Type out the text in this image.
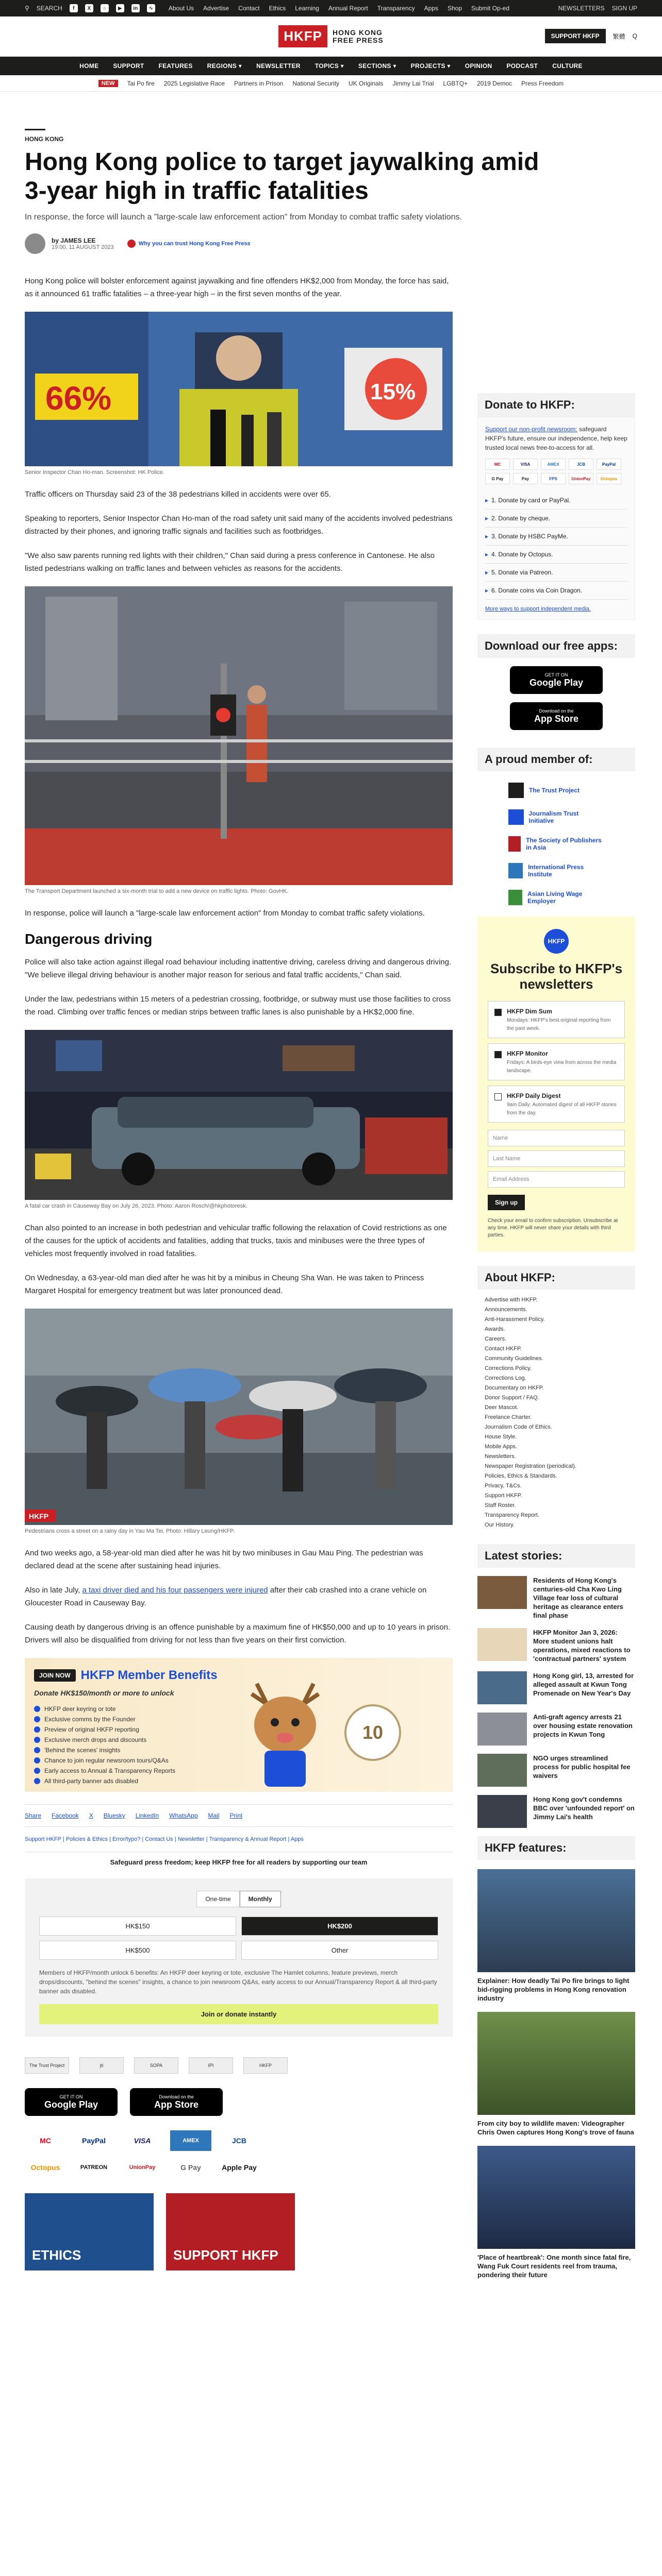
⚲ SEARCH	f	X	○	▶	in	∿	About Us Advertise Contact Ethics Learning Annual Report Transparency Apps Shop Submit Op-ed	NEWSLETTERS SIGN UP
HKFP	HONG KONG
FREE PRESS	SUPPORT HKFP	繁體 Q
HOME SUPPORT FEATURES REGIONS ▾ NEWSLETTER TOPICS ▾ SECTIONS ▾ PROJECTS ▾ OPINION PODCAST CULTURE
NEW	Tai Po fire 2025 Legislative Race Partners in Prison National Security UK Originals Jimmy Lai Trial LGBTQ+ 2019 Democ Press Freedom
HONG KONG
Hong Kong police to target jaywalking amid 3-year high in traffic fatalities
In response, the force will launch a "large-scale law enforcement action" from Monday to combat traffic safety violations.
by JAMES LEE
19:00, 11 AUGUST 2023
Why you can trust Hong Kong Free Press

Hong Kong police will bolster enforcement against jaywalking and fine offenders HK$2,000 from Monday, the force has said, as it announced 61 traffic fatalities – a three-year high – in the first seven months of the year.

66%	15%
Senior Inspector Chan Ho-man. Screenshot: HK Police.

Traffic officers on Thursday said 23 of the 38 pedestrians killed in accidents were over 65.

Speaking to reporters, Senior Inspector Chan Ho-man of the road safety unit said many of the accidents involved pedestrians distracted by their phones, and ignoring traffic signals and facilities such as footbridges.

"We also saw parents running red lights with their children," Chan said during a press conference in Cantonese. He also listed pedestrians walking on traffic lanes and between vehicles as reasons for the accidents.

The Transport Department launched a six-month trial to add a new device on traffic lights. Photo: GovHK.

In response, police will launch a "large-scale law enforcement action" from Monday to combat traffic safety violations.

Dangerous driving

Police will also take action against illegal road behaviour including inattentive driving, careless driving and dangerous driving. "We believe illegal driving behaviour is another major reason for serious and fatal traffic accidents," Chan said.

Under the law, pedestrians within 15 meters of a pedestrian crossing, footbridge, or subway must use those facilities to cross the road. Climbing over traffic fences or median strips between traffic lanes is also punishable by a HK$2,000 fine.

A fatal car crash in Causeway Bay on July 26, 2023. Photo: Aaron Rosch/@hkphotoresk.

Chan also pointed to an increase in both pedestrian and vehicular traffic following the relaxation of Covid restrictions as one of the causes for the uptick of accidents and fatalities, adding that trucks, taxis and minibuses were the three types of vehicles most frequently involved in road fatalities.

On Wednesday, a 63-year-old man died after he was hit by a minibus in Cheung Sha Wan. He was taken to Princess Margaret Hospital for emergency treatment but was later pronounced dead.

HKFP
Pedestrians cross a street on a rainy day in Yau Ma Tei. Photo: Hillary Leung/HKFP.

And two weeks ago, a 58-year-old man died after he was hit by two minibuses in Gau Mau Ping. The pedestrian was declared dead at the scene after sustaining head injuries.

Also in late July, a taxi driver died and his four passengers were injured after their cab crashed into a crane vehicle on Gloucester Road in Causeway Bay.

Causing death by dangerous driving is an offence punishable by a maximum fine of HK$50,000 and up to 10 years in prison. Drivers will also be disqualified from driving for not less than five years on their first conviction.

JOIN NOW HKFP Member Benefits
Donate HK$150/month or more to unlock
HKFP deer keyring or tote
Exclusive comms by the Founder
Preview of original HKFP reporting
Exclusive merch drops and discounts
'Behind the scenes' insights
Chance to join regular newsroom tours/Q&As
Early access to Annual & Transparency Reports
All third-party banner ads disabled
10
Share Facebook X Bluesky LinkedIn WhatsApp Mail Print
Support HKFP | Policies & Ethics | Error/typo? | Contact Us | Newsletter | Transparency & Annual Report | Apps
Safeguard press freedom; keep HKFP free for all readers by supporting our team
One-time	Monthly
HK$150	HK$200
HK$500	Other
Members of HKFP/month unlock 6 benefits: An HKFP deer keyring or tote, exclusive The Hamlet columns, feature previews, merch drops/discounts, "behind the scenes" insights, a chance to join newsroom Q&As, early access to our Annual/Transparency Report & all third-party banner ads disabled.
Join or donate instantly
The Trust Project	jti	SOPA	IPI	HKFP
GET IT ON
Google Play
Download on the
App Store
MC	PayPal	VISA	AMEX	JCB
Octopus	PATREON	UnionPay	G Pay	Apple Pay
ETHICS	SUPPORT HKFP
Donate to HKFP:

Support our non-profit newsroom: safeguard HKFP's future, ensure our independence, help keep trusted local news free-to-access for all.

MC	VISA	AMEX	JCB	PayPal
G Pay	Pay	FPS	UnionPay	Octopus
▸ 1. Donate by card or PayPal.
▸ 2. Donate by cheque.
▸ 3. Donate by HSBC PayMe.
▸ 4. Donate by Octopus.
▸ 5. Donate via Patreon.
▸ 6. Donate coins via Coin Dragon.
More ways to support independent media.
Download our free apps:
GET IT ON
Google Play
Download on the
App Store
A proud member of:
The Trust Project
Journalism Trust Initiative
The Society of Publishers in Asia
International Press Institute
Asian Living Wage Employer
HKFP
Subscribe to HKFP's newsletters
HKFP Dim Sum
Mondays: HKFP's best original reporting from the past week.
HKFP Monitor
Fridays: A birds-eye view from across the media landscape.
HKFP Daily Digest
9am Daily: Automated digest of all HKFP stories from the day.
Name
Last Name
Email Address
Sign up
Check your email to confirm subscription. Unsubscribe at any time. HKFP will never share your details with third parties.
About HKFP:
Advertise with HKFP.
Announcements.
Anti-Harassment Policy.
Awards.
Careers.
Contact HKFP.
Community Guidelines.
Corrections Policy.
Corrections Log.
Documentary on HKFP.
Donor Support / FAQ.
Deer Mascot.
Freelance Charter.
Journalism Code of Ethics.
House Style.
Mobile Apps.
Newsletters.
Newspaper Registration (periodical).
Policies, Ethics & Standards.
Privacy, T&Cs.
Support HKFP.
Staff Roster.
Transparency Report.
Our History.
Latest stories:
Residents of Hong Kong's centuries-old Cha Kwo Ling Village fear loss of cultural heritage as clearance enters final phase
HKFP Monitor Jan 3, 2026: More student unions halt operations, mixed reactions to 'contractual partners' system
Hong Kong girl, 13, arrested for alleged assault at Kwun Tong Promenade on New Year's Day
Anti-graft agency arrests 21 over housing estate renovation projects in Kwun Tong
NGO urges streamlined process for public hospital fee waivers
Hong Kong gov't condemns BBC over 'unfounded report' on Jimmy Lai's health
HKFP features:
Explainer: How deadly Tai Po fire brings to light bid-rigging problems in Hong Kong renovation industry
From city boy to wildlife maven: Videographer Chris Owen captures Hong Kong's trove of fauna
'Place of heartbreak': One month since fatal fire, Wang Fuk Court residents reel from trauma, pondering their future
